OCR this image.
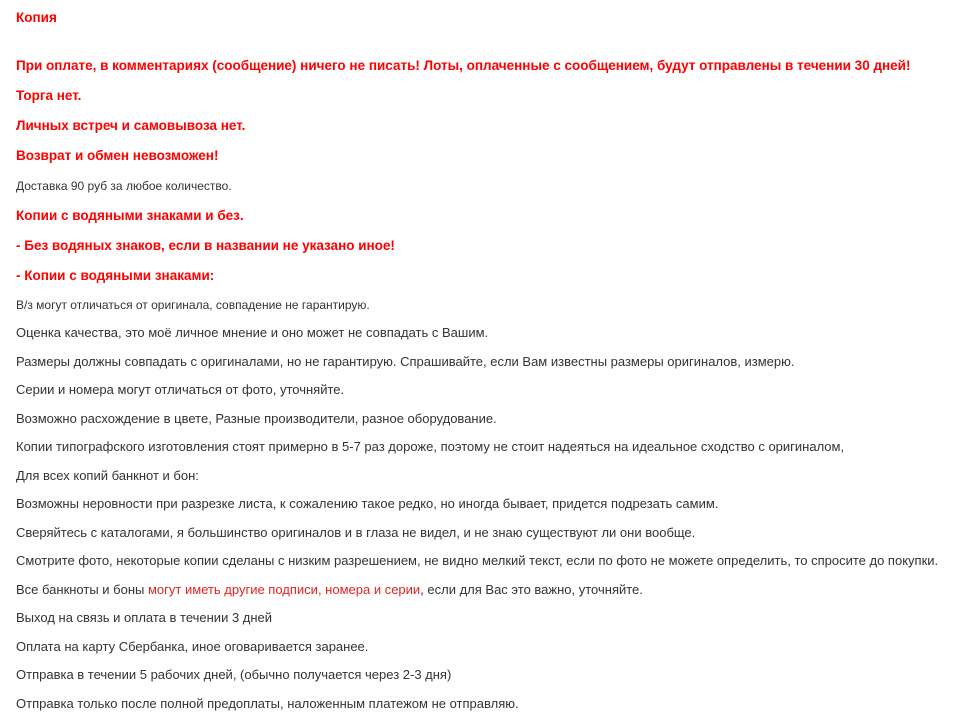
Копия
При оплате, в комментариях (сообщение) ничего не писать! Лоты, оплаченные с сообщением, будут отправлены в течении 30 дней!
Торга нет.
Личных встреч и самовывоза нет.
Возврат и обмен невозможен!
Доставка 90 руб за любое количество.
Копии с водяными знаками и без.
- Без водяных знаков, если в названии не указано иное!
- Копии с водяными знаками:
В/з могут отличаться от оригинала, совпадение не гарантирую.
Оценка качества, это моё личное мнение и оно может не совпадать с Вашим.
Размеры должны совпадать с оригиналами, но не гарантирую. Спрашивайте, если Вам известны размеры оригиналов, измерю.
Серии и номера могут отличаться от фото, уточняйте.
Возможно расхождение в цвете, Разные производители, разное оборудование.
Копии типографского изготовления стоят примерно в 5-7 раз дороже, поэтому не стоит надеяться на идеальное сходство с оригиналом,
Для всех копий банкнот и бон:
Возможны неровности при разрезке листа, к сожалению такое редко, но иногда бывает, придется подрезать самим.
Сверяйтесь с каталогами, я большинство оригиналов и в глаза не видел, и не знаю существуют ли они вообще.
Смотрите фото, некоторые копии сделаны с низким разрешением, не видно мелкий текст, если по фото не можете определить, то спросите до покупки.
Все банкноты и боны могут иметь другие подписи, номера и серии, если для Вас это важно, уточняйте.
Выход на связь и оплата в течении 3 дней
Оплата на карту Сбербанка, иное оговаривается заранее.
Отправка в течении 5 рабочих дней, (обычно получается через 2-3 дня)
Отправка только после полной предоплаты, наложенным платежом не отправляю.
